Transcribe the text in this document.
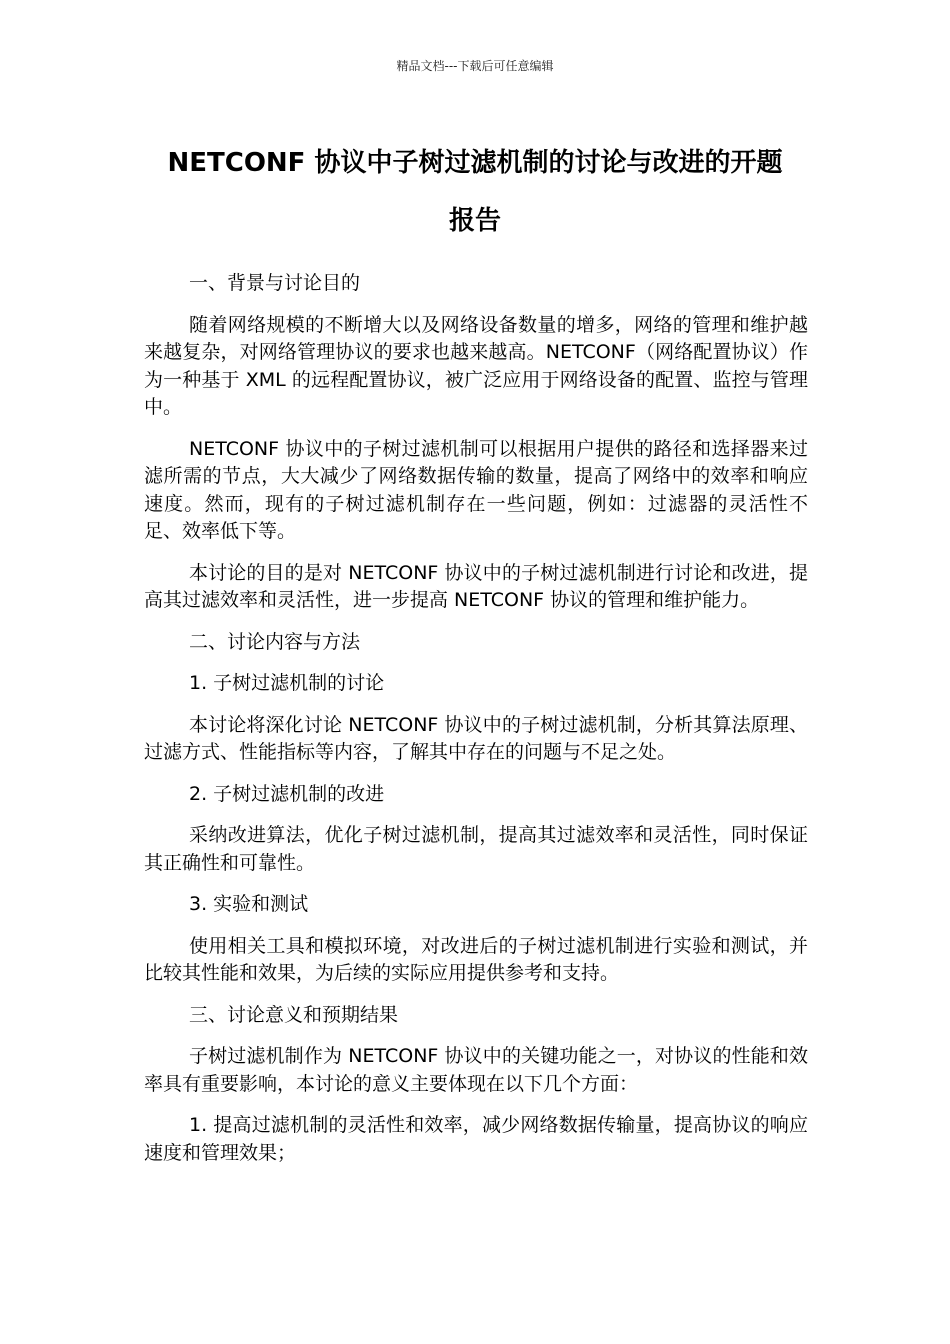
精品文档---下载后可任意编辑
NETCONF 协议中子树过滤机制的讨论与改进的开题
报告

一、背景与讨论目的

随着网络规模的不断增大以及网络设备数量的增多，网络的管理和维护越来越复杂，对网络管理协议的要求也越来越高。NETCONF（网络配置协议）作为一种基于 XML 的远程配置协议，被广泛应用于网络设备的配置、监控与管理中。

NETCONF 协议中的子树过滤机制可以根据用户提供的路径和选择器来过滤所需的节点，大大减少了网络数据传输的数量，提高了网络中的效率和响应速度。然而，现有的子树过滤机制存在一些问题，例如：过滤器的灵活性不足、效率低下等。

本讨论的目的是对 NETCONF 协议中的子树过滤机制进行讨论和改进，提高其过滤效率和灵活性，进一步提高 NETCONF 协议的管理和维护能力。

二、讨论内容与方法

1. 子树过滤机制的讨论

本讨论将深化讨论 NETCONF 协议中的子树过滤机制，分析其算法原理、过滤方式、性能指标等内容，了解其中存在的问题与不足之处。

2. 子树过滤机制的改进

采纳改进算法，优化子树过滤机制，提高其过滤效率和灵活性，同时保证其正确性和可靠性。

3. 实验和测试

使用相关工具和模拟环境，对改进后的子树过滤机制进行实验和测试，并比较其性能和效果，为后续的实际应用提供参考和支持。

三、讨论意义和预期结果

子树过滤机制作为 NETCONF 协议中的关键功能之一，对协议的性能和效率具有重要影响，本讨论的意义主要体现在以下几个方面：

1. 提高过滤机制的灵活性和效率，减少网络数据传输量，提高协议的响应速度和管理效果；
